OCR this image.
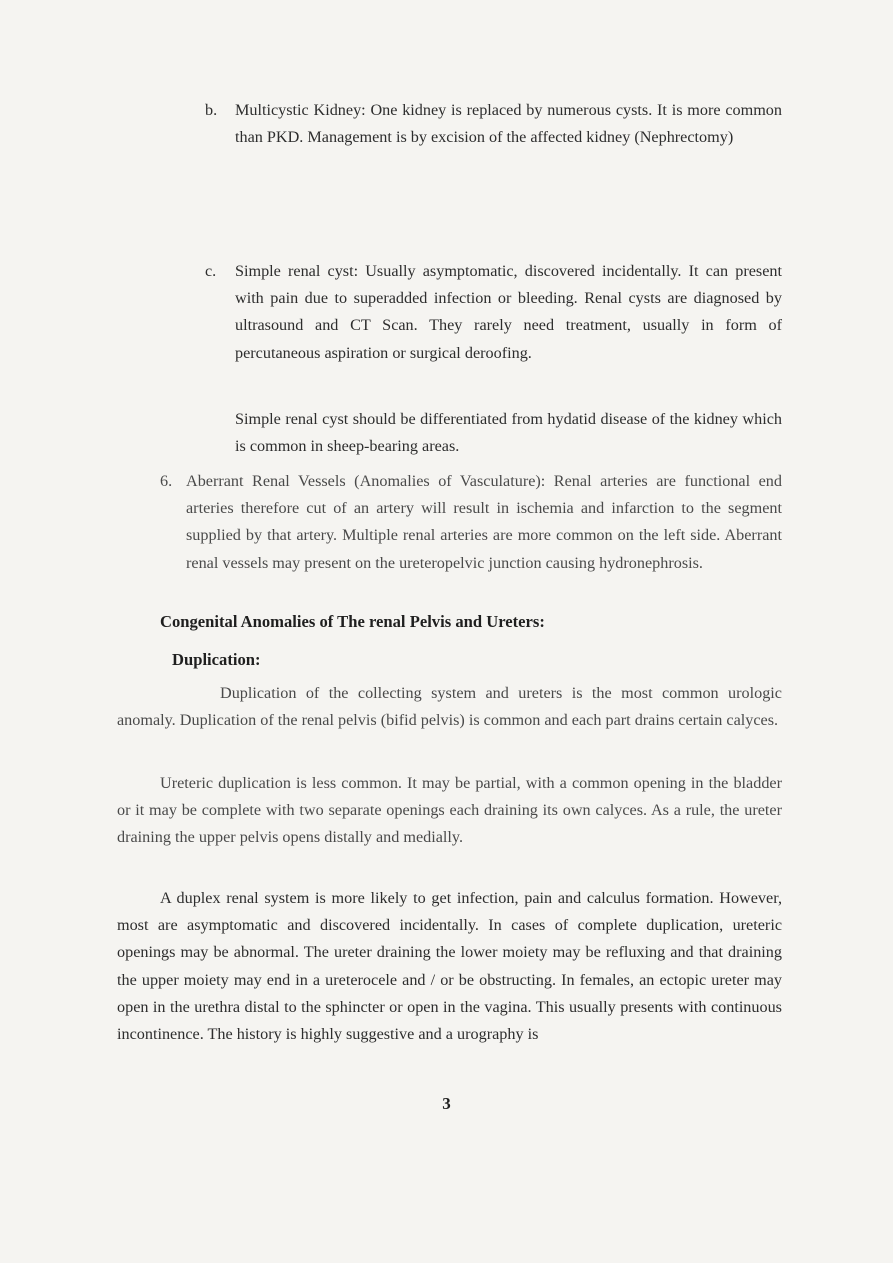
b.	Multicystic Kidney: One kidney is replaced by numerous cysts. It is more common than PKD. Management is by excision of the affected kidney (Nephrectomy)
c.	Simple renal cyst: Usually asymptomatic, discovered incidentally. It can present with pain due to superadded infection or bleeding. Renal cysts are diagnosed by ultrasound and CT Scan. They rarely need treatment, usually in form of percutaneous aspiration or surgical deroofing.
Simple renal cyst should be differentiated from hydatid disease of the kidney which is common in sheep-bearing areas.
6. Aberrant Renal Vessels (Anomalies of Vasculature): Renal arteries are functional end arteries therefore cut of an artery will result in ischemia and infarction to the segment supplied by that artery. Multiple renal arteries are more common on the left side. Aberrant renal vessels may present on the ureteropelvic junction causing hydronephrosis.
Congenital Anomalies of The renal Pelvis and Ureters:
Duplication:
Duplication of the collecting system and ureters is the most common urologic anomaly. Duplication of the renal pelvis (bifid pelvis) is common and each part drains certain calyces.
Ureteric duplication is less common. It may be partial, with a common opening in the bladder or it may be complete with two separate openings each draining its own calyces. As a rule, the ureter draining the upper pelvis opens distally and medially.
A duplex renal system is more likely to get infection, pain and calculus formation. However, most are asymptomatic and discovered incidentally. In cases of complete duplication, ureteric openings may be abnormal. The ureter draining the lower moiety may be refluxing and that draining the upper moiety may end in a ureterocele and / or be obstructing. In females, an ectopic ureter may open in the urethra distal to the sphincter or open in the vagina. This usually presents with continuous incontinence. The history is highly suggestive and a urography is
3
